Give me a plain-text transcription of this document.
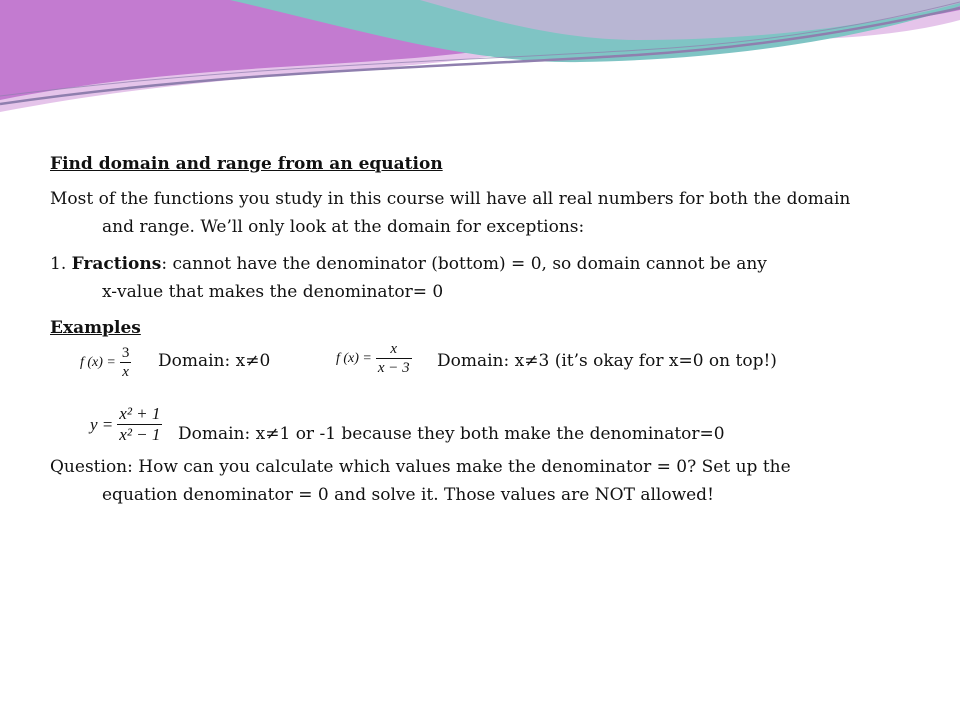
Find domain and range from an equation
Most of the functions you study in this course will have all real numbers for both the domain
and range. We’ll only look at the domain for exceptions:
1. Fractions: cannot have the denominator (bottom) = 0, so domain cannot be any
x-value that makes the denominator= 0
Examples
f $(x) = \frac{3}{x}$ Domain: x≠0	f $(x) = \frac{x}{x - 3}$ Domain: x≠3 (it’s okay for x=0 on top!)
$y = \frac{\text{x² + 1}}{\text{x² − 1}}$ Domain: x≠1 or -1 because they both make the denominator=0
Question: How can you calculate which values make the denominator = 0? Set up the
equation denominator = 0 and solve it. Those values are NOT allowed!
